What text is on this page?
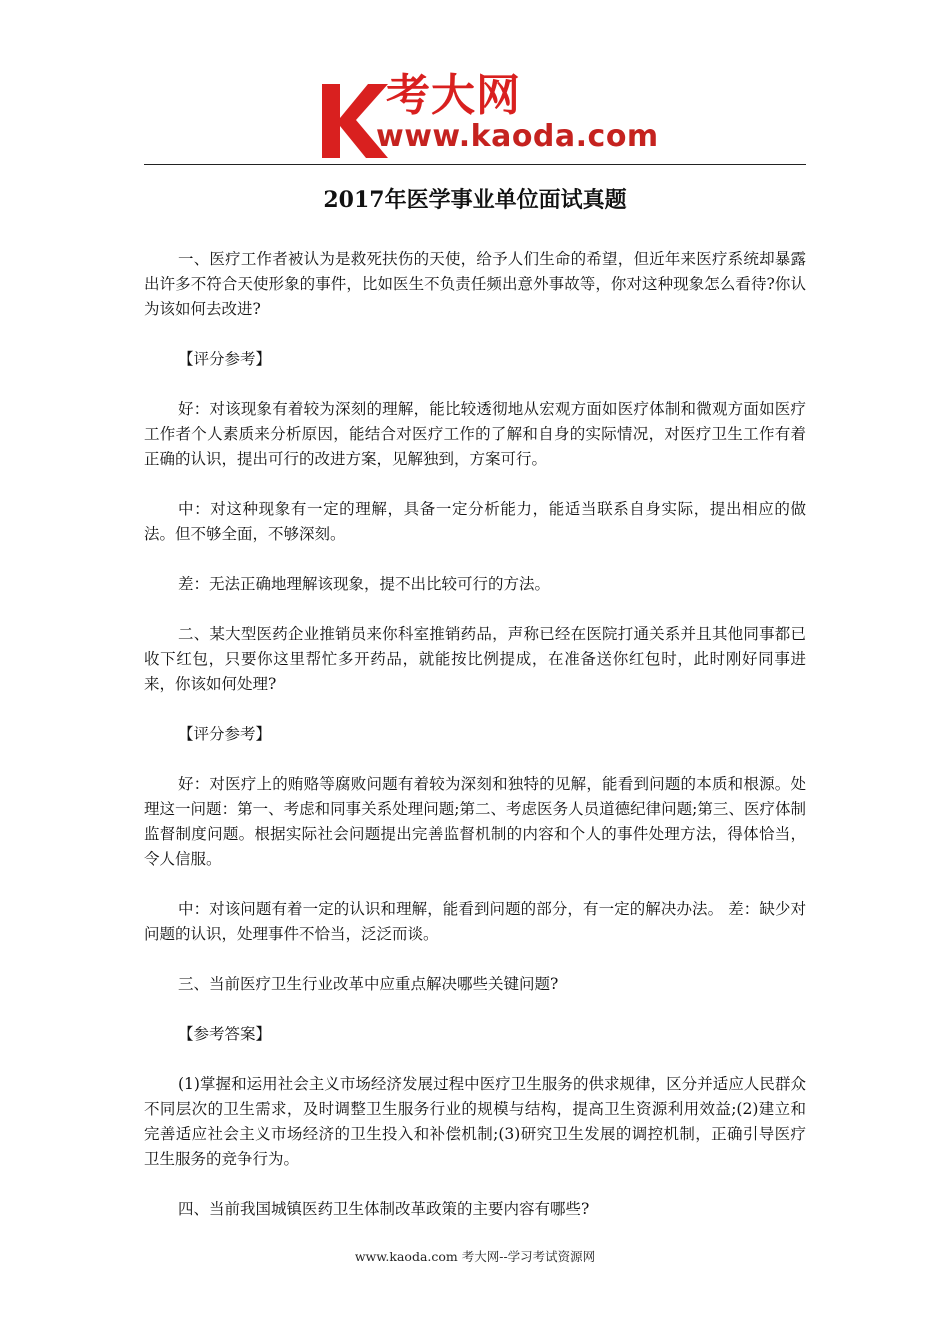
考大网
www.kaoda.com
2017年医学事业单位面试真题

一、医疗工作者被认为是救死扶伤的天使，给予人们生命的希望，但近年来医疗系统却暴露出许多不符合天使形象的事件，比如医生不负责任频出意外事故等，你对这种现象怎么看待?你认为该如何去改进?

【评分参考】

好：对该现象有着较为深刻的理解，能比较透彻地从宏观方面如医疗体制和微观方面如医疗工作者个人素质来分析原因，能结合对医疗工作的了解和自身的实际情况，对医疗卫生工作有着正确的认识，提出可行的改进方案，见解独到，方案可行。

中：对这种现象有一定的理解，具备一定分析能力，能适当联系自身实际，提出相应的做法。但不够全面，不够深刻。

差：无法正确地理解该现象，提不出比较可行的方法。

二、某大型医药企业推销员来你科室推销药品，声称已经在医院打通关系并且其他同事都已收下红包，只要你这里帮忙多开药品，就能按比例提成，在准备送你红包时，此时刚好同事进来，你该如何处理?

【评分参考】

好：对医疗上的贿赂等腐败问题有着较为深刻和独特的见解，能看到问题的本质和根源。处理这一问题：第一、考虑和同事关系处理问题;第二、考虑医务人员道德纪律问题;第三、医疗体制监督制度问题。根据实际社会问题提出完善监督机制的内容和个人的事件处理方法，得体恰当，令人信服。

中：对该问题有着一定的认识和理解，能看到问题的部分，有一定的解决办法。 差：缺少对问题的认识，处理事件不恰当，泛泛而谈。

三、当前医疗卫生行业改革中应重点解决哪些关键问题?

【参考答案】

(1)掌握和运用社会主义市场经济发展过程中医疗卫生服务的供求规律，区分并适应人民群众不同层次的卫生需求，及时调整卫生服务行业的规模与结构，提高卫生资源利用效益;(2)建立和完善适应社会主义市场经济的卫生投入和补偿机制;(3)研究卫生发展的调控机制，正确引导医疗卫生服务的竞争行为。

四、当前我国城镇医药卫生体制改革政策的主要内容有哪些?

www.kaoda.com 考大网--学习考试资源网
